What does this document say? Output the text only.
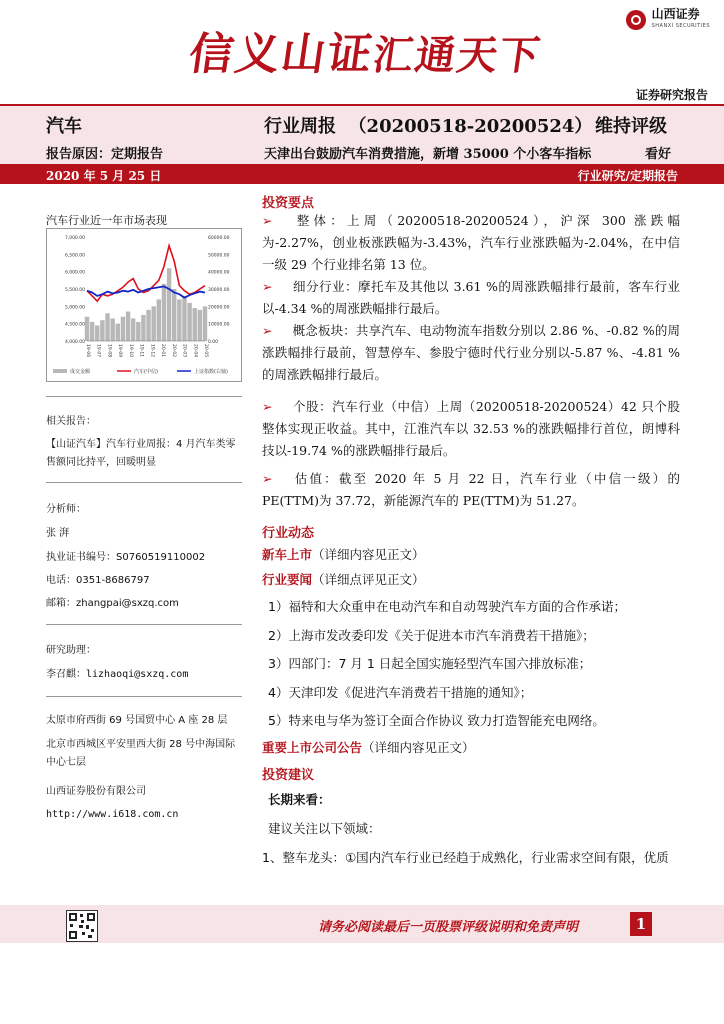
信义山证汇通天下
山西证券
SHANXI SECURITIES
证券研究报告
汽车	行业周报 （20200518-20200524） 维持评级
报告原因：定期报告	天津出台鼓励汽车消费措施，新增 35000 个小客车指标	看好
2020 年 5 月 25 日	行业研究/定期报告
汽车行业近一年市场表现
7,000.00
6,500.00
6,000.00
5,500.00
5,000.00
4,500.00
4,000.00
60000.00
50000.00
40000.00
30000.00
20000.00
10000.00
0.00
19-06 19-07 19-08 19-09 19-10 19-11 19-12 20-01 20-02 20-03 20-04 20-05
成交金额	汽车(中信)	上证指数(右轴)
相关报告：
【山证汽车】汽车行业周报：4 月汽车类零售额同比持平，回暖明显
分析师：
张 湃
执业证书编号：S0760519110002
电话：0351-8686797
邮箱：zhangpai@sxzq.com
研究助理：
李召麒：lizhaoqi@sxzq.com
太原市府西街 69 号国贸中心 A 座 28 层
北京市西城区平安里西大街 28 号中海国际中心七层
山西证券股份有限公司
http://www.i618.com.cn
投资要点
➢ 整体：上周（20200518-20200524），沪深 300 涨跌幅为-2.27%，创业板涨跌幅为-3.43%，汽车行业涨跌幅为-2.04%，在中信一级 29 个行业排名第 13 位。
➢ 细分行业：摩托车及其他以 3.61 %的周涨跌幅排行最前，客车行业以-4.34 %的周涨跌幅排行最后。
➢ 概念板块：共享汽车、电动物流车指数分别以 2.86 %、-0.82 %的周涨跌幅排行最前，智慧停车、参股宁德时代行业分别以-5.87 %、-4.81 %的周涨跌幅排行最后。
➢ 个股：汽车行业（中信）上周（20200518-20200524）42 只个股整体实现正收益。其中，江淮汽车以 32.53 %的涨跌幅排行首位，朗博科技以-19.74 %的涨跌幅排行最后。
➢ 估值：截至 2020 年 5 月 22 日，汽车行业（中信一级）的 PE(TTM)为 37.72，新能源汽车的 PE(TTM)为 51.27。
行业动态
新车上市（详细内容见正文）
行业要闻（详细点评见正文）
1）福特和大众重申在电动汽车和自动驾驶汽车方面的合作承诺；
2）上海市发改委印发《关于促进本市汽车消费若干措施》；
3）四部门：7 月 1 日起全国实施轻型汽车国六排放标准；
4）天津印发《促进汽车消费若干措施的通知》；
5）特来电与华为签订全面合作协议 致力打造智能充电网络。
重要上市公司公告（详细内容见正文）
投资建议
长期来看：
建议关注以下领域：
1、整车龙头：①国内汽车行业已经趋于成熟化，行业需求空间有限，优质
请务必阅读最后一页股票评级说明和免责声明	1
